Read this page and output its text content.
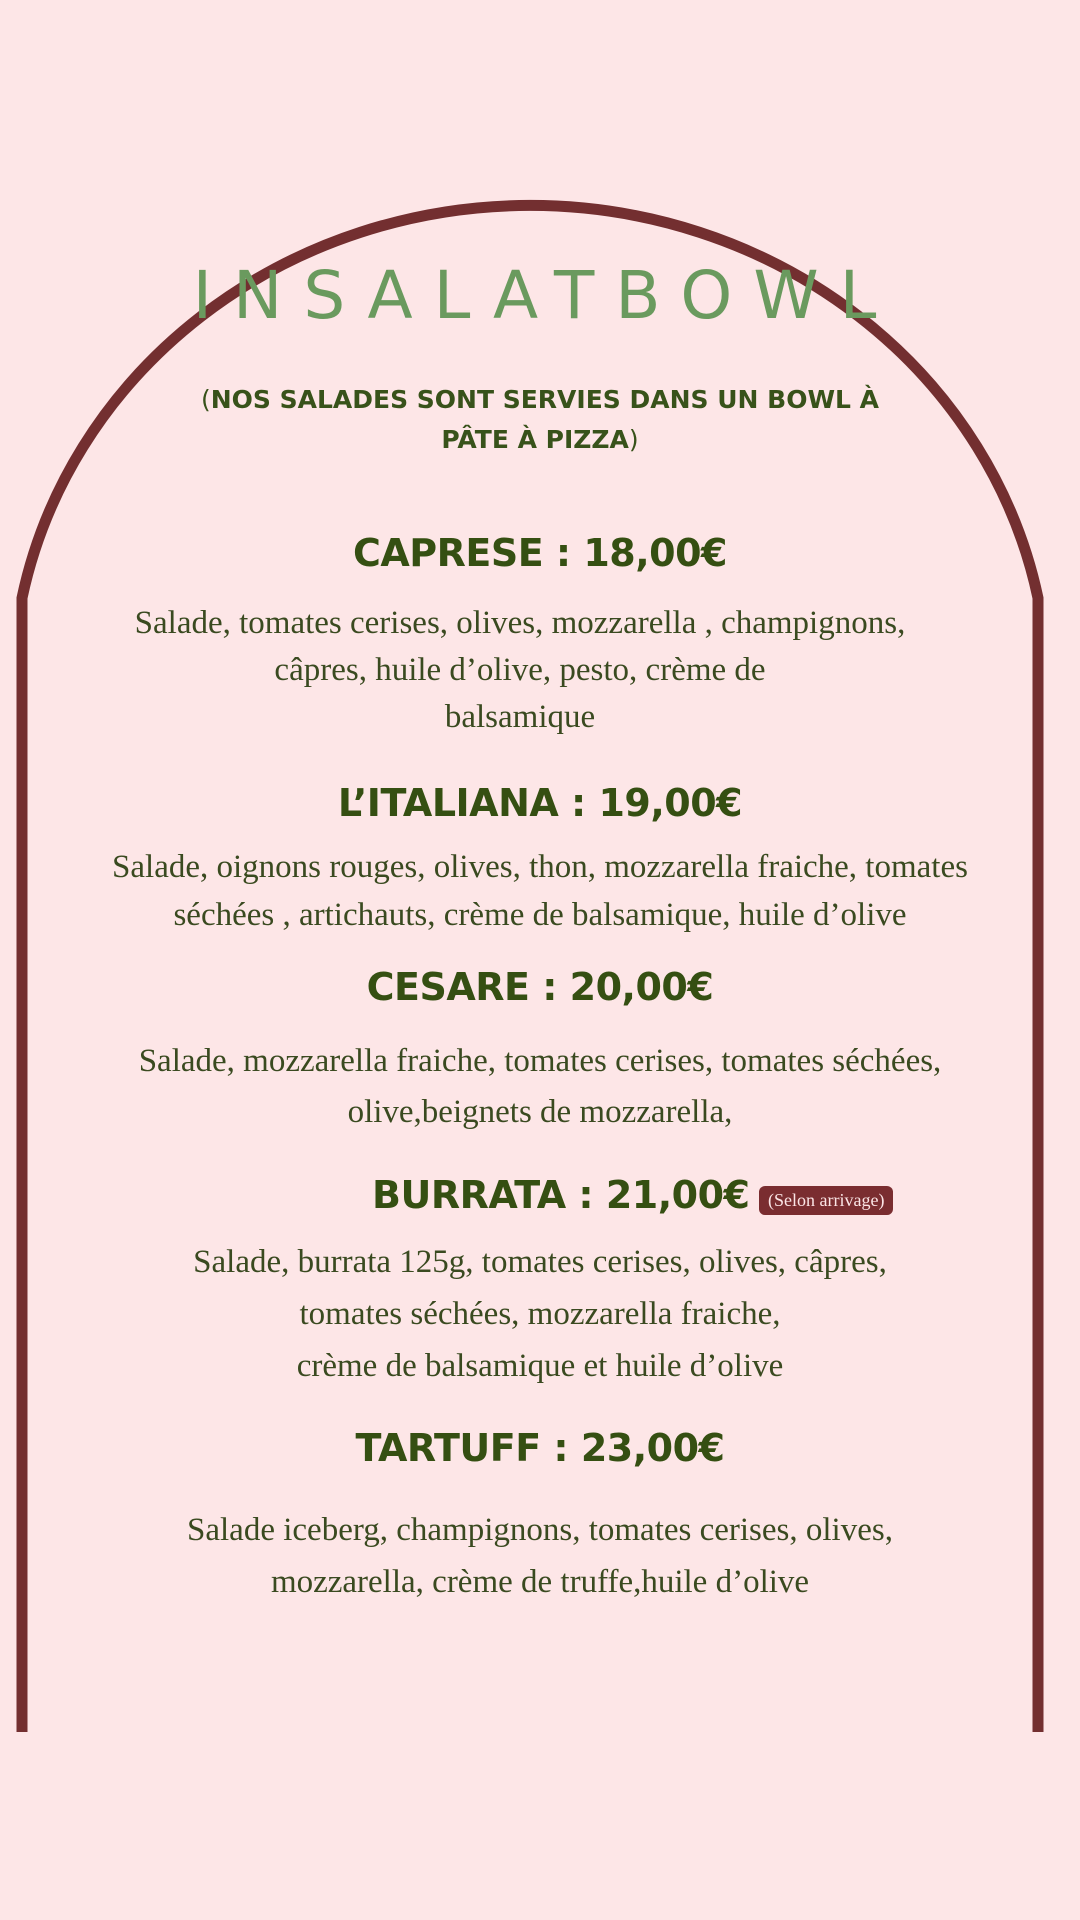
INSALATBOWL

(NOS SALADES SONT SERVIES DANS UN BOWL À
PÂTE À PIZZA)

CAPRESE : 18,00€
Salade, tomates cerises, olives, mozzarella , champignons,
câpres, huile d’olive, pesto, crème de
balsamique
L’ITALIANA : 19,00€
Salade, oignons rouges, olives, thon, mozzarella fraiche, tomates
séchées , artichauts, crème de balsamique, huile d’olive
CESARE : 20,00€
Salade, mozzarella fraiche, tomates cerises, tomates séchées,
olive,beignets de mozzarella,
BURRATA : 21,00€	(Selon arrivage)
Salade, burrata 125g, tomates cerises, olives, câpres,
tomates séchées, mozzarella fraiche,
crème de balsamique et huile d’olive
TARTUFF : 23,00€
Salade iceberg, champignons, tomates cerises, olives,
mozzarella, crème de truffe,huile d’olive
